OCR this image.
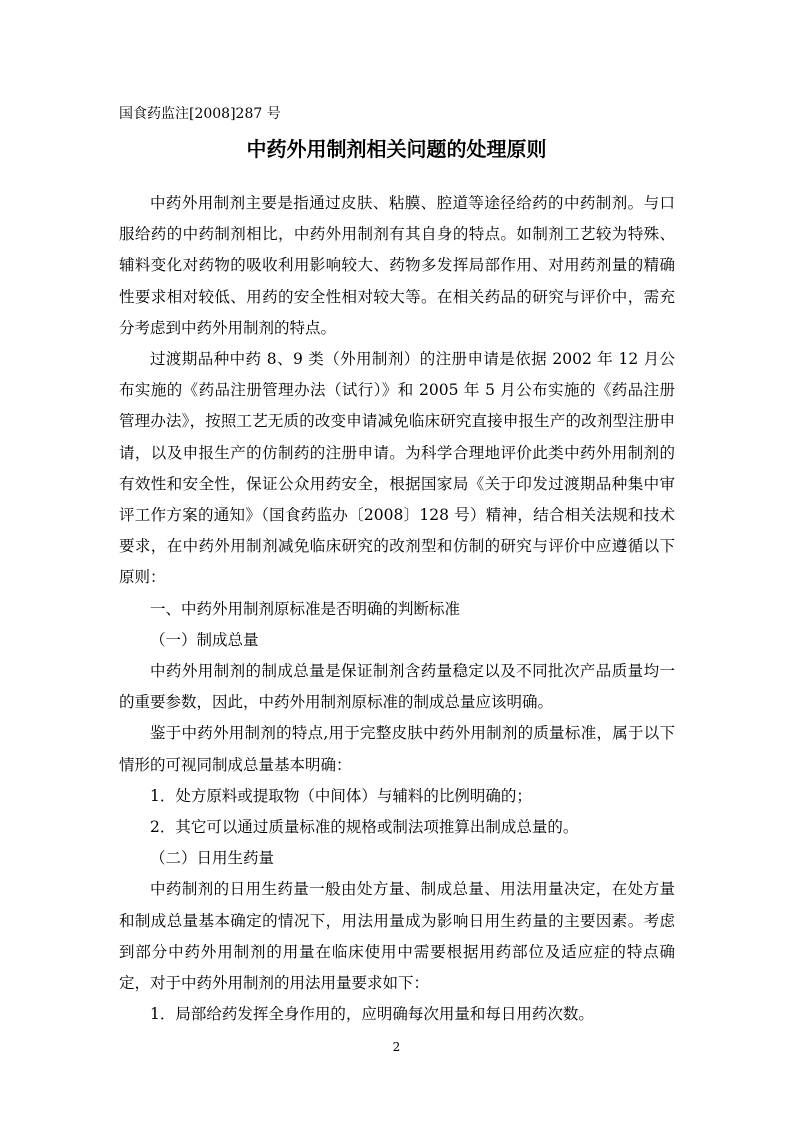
国食药监注[2008]287 号
中药外用制剂相关问题的处理原则

中药外用制剂主要是指通过皮肤、粘膜、腔道等途径给药的中药制剂。与口服给药的中药制剂相比，中药外用制剂有其自身的特点。如制剂工艺较为特殊、辅料变化对药物的吸收利用影响较大、药物多发挥局部作用、对用药剂量的精确性要求相对较低、用药的安全性相对较大等。在相关药品的研究与评价中，需充分考虑到中药外用制剂的特点。

过渡期品种中药 8、9 类（外用制剂）的注册申请是依据 2002 年 12 月公布实施的《药品注册管理办法（试行）》和 2005 年 5 月公布实施的《药品注册管理办法》，按照工艺无质的改变申请减免临床研究直接申报生产的改剂型注册申请，以及申报生产的仿制药的注册申请。为科学合理地评价此类中药外用制剂的有效性和安全性，保证公众用药安全，根据国家局《关于印发过渡期品种集中审评工作方案的通知》（国食药监办〔2008〕128 号）精神，结合相关法规和技术要求，在中药外用制剂减免临床研究的改剂型和仿制的研究与评价中应遵循以下原则：

一、中药外用制剂原标准是否明确的判断标准

（一）制成总量

中药外用制剂的制成总量是保证制剂含药量稳定以及不同批次产品质量均一的重要参数，因此，中药外用制剂原标准的制成总量应该明确。

鉴于中药外用制剂的特点,用于完整皮肤中药外用制剂的质量标准，属于以下情形的可视同制成总量基本明确：

1．处方原料或提取物（中间体）与辅料的比例明确的；

2．其它可以通过质量标准的规格或制法项推算出制成总量的。

（二）日用生药量

中药制剂的日用生药量一般由处方量、制成总量、用法用量决定，在处方量和制成总量基本确定的情况下，用法用量成为影响日用生药量的主要因素。考虑到部分中药外用制剂的用量在临床使用中需要根据用药部位及适应症的特点确定，对于中药外用制剂的用法用量要求如下：

1．局部给药发挥全身作用的，应明确每次用量和每日用药次数。

2
